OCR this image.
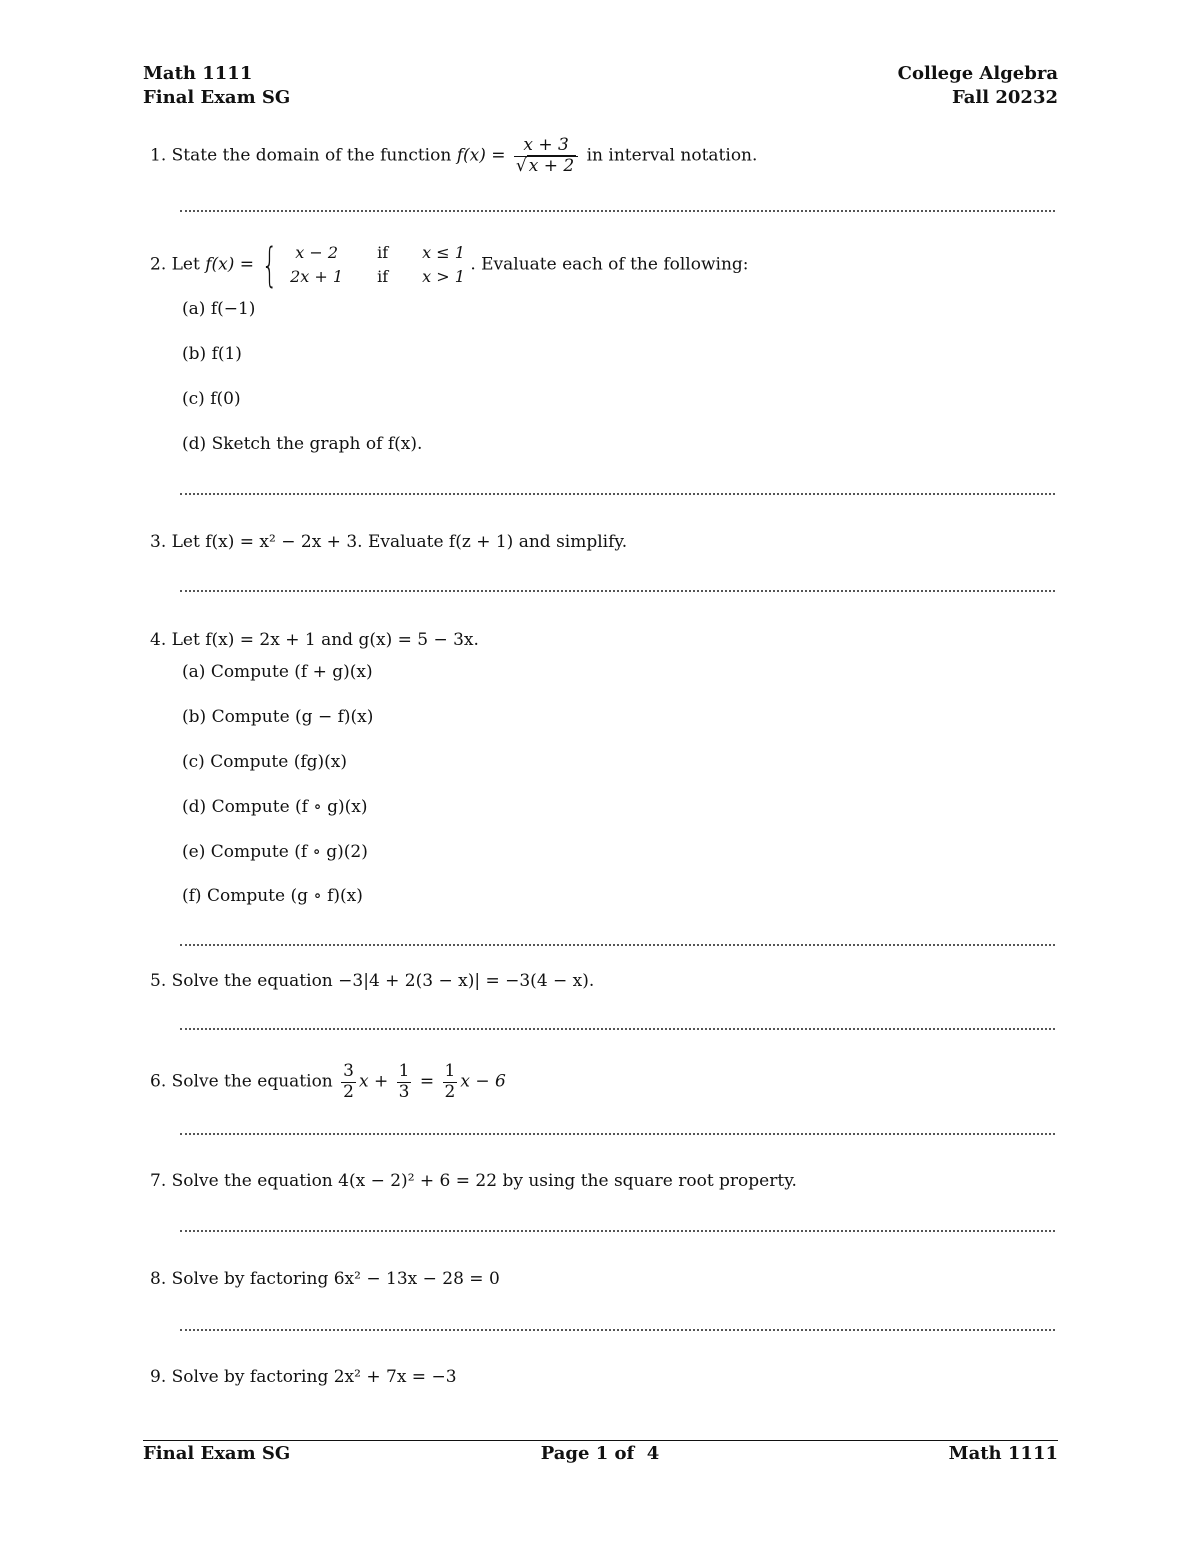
Math 1111
Final Exam SG
College Algebra
Fall 20232
1. State the domain of the function $f(x) = \frac{x + 3}{√ x + 2}$ in interval notation.
2. Let f(x) = {	x − 2	if x ≤ 1
2x + 1 if x > 1
. Evaluate each of the following:
(a) f(−1)
(b) f(1)
(c) f(0)
(d) Sketch the graph of f(x).
3. Let f(x) = x² − 2x + 3. Evaluate f(z + 1) and simplify.
4. Let f(x) = 2x + 1 and g(x) = 5 − 3x.
(a) Compute (f + g)(x)
(b) Compute (g − f)(x)
(c) Compute (fg)(x)
(d) Compute (f ∘ g)(x)
(e) Compute (f ∘ g)(2)
(f) Compute (g ∘ f)(x)
5. Solve the equation −3|4 + 2(3 − x)| = −3(4 − x).
6. Solve the equation $\frac{3}{2}$ $x + \frac{1}{3} = \frac{1}{2}$ x − 6
7. Solve the equation 4(x − 2)² + 6 = 22 by using the square root property.
8. Solve by factoring 6x² − 13x − 28 = 0
9. Solve by factoring 2x² + 7x = −3
Final Exam SG	Page 1 of  4	Math 1111
